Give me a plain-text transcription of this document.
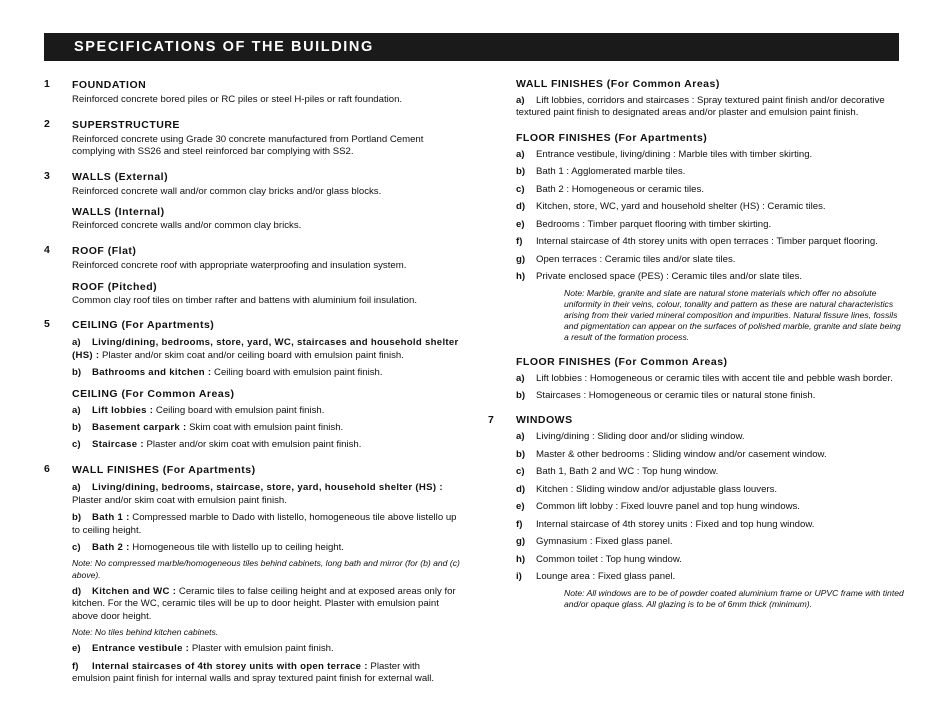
SPECIFICATIONS OF THE BUILDING
1	FOUNDATION
Reinforced concrete bored piles or RC piles or steel H-piles or raft foundation.
2	SUPERSTRUCTURE
Reinforced concrete using Grade 30 concrete manufactured from Portland Cement complying with SS26 and steel reinforced bar complying with SS2.
3	WALLS (External)
Reinforced concrete wall and/or common clay bricks and/or glass blocks.
WALLS (Internal)
Reinforced concrete walls and/or common clay bricks.
4	ROOF (Flat)
Reinforced concrete roof with appropriate waterproofing and insulation system.
ROOF (Pitched)
Common clay roof tiles on timber rafter and battens with aluminium foil insulation.
5	CEILING (For Apartments)
a)	Living/dining, bedrooms, store, yard, WC, staircases and household shelter (HS) : Plaster and/or skim coat and/or ceiling board with emulsion paint finish.
b)	Bathrooms and kitchen : Ceiling board with emulsion paint finish.
CEILING (For Common Areas)
a)	Lift lobbies : Ceiling board with emulsion paint finish.
b)	Basement carpark : Skim coat with emulsion paint finish.
c)	Staircase : Plaster and/or skim coat with emulsion paint finish.
6	WALL FINISHES (For Apartments)
a)	Living/dining, bedrooms, staircase, store, yard, household shelter (HS) : Plaster and/or skim coat with emulsion paint finish.
b)	Bath 1 : Compressed marble to Dado with listello, homogeneous tile above listello up to ceiling height.
c)	Bath 2 : Homogeneous tile with listello up to ceiling height.
Note: No compressed marble/homogeneous tiles behind cabinets, long bath and mirror (for (b) and (c) above).
d)	Kitchen and WC : Ceramic tiles to false ceiling height and at exposed areas only for kitchen. For the WC, ceramic tiles will be up to door height. Plaster with emulsion paint above door height.
Note: No tiles behind kitchen cabinets.
e)	Entrance vestibule : Plaster with emulsion paint finish.
f)	Internal staircases of 4th storey units with open terrace : Plaster with emulsion paint finish for internal walls and spray textured paint finish for external wall.
WALL FINISHES (For Common Areas)
a)	Lift lobbies, corridors and staircases : Spray textured paint finish and/or decorative textured paint finish to designated areas and/or plaster and emulsion paint finish.
FLOOR FINISHES (For Apartments)
a)	Entrance vestibule, living/dining : Marble tiles with timber skirting.
b)	Bath 1 : Agglomerated marble tiles.
c)	Bath 2 : Homogeneous or ceramic tiles.
d)	Kitchen, store, WC, yard and household shelter (HS) : Ceramic tiles.
e)	Bedrooms : Timber parquet flooring with timber skirting.
f)	Internal staircase of 4th storey units with open terraces : Timber parquet flooring.
g)	Open terraces : Ceramic tiles and/or slate tiles.
h)	Private enclosed space (PES) : Ceramic tiles and/or slate tiles.
Note: Marble, granite and slate are natural stone materials which offer no absolute uniformity in their veins, colour, tonality and pattern as these are natural characteristics arising from their varied mineral composition and impurities. Natural fissure lines, fossils and pigmentation can appear on the surfaces of polished marble, granite and slate being a result of the formation process.
FLOOR FINISHES (For Common Areas)
a)	Lift lobbies : Homogeneous or ceramic tiles with accent tile and pebble wash border.
b)	Staircases : Homogeneous or ceramic tiles or natural stone finish.
7	WINDOWS
a)	Living/dining : Sliding door and/or sliding window.
b)	Master & other bedrooms : Sliding window and/or casement window.
c)	Bath 1, Bath 2 and WC : Top hung window.
d)	Kitchen : Sliding window and/or adjustable glass louvers.
e)	Common lift lobby : Fixed louvre panel and top hung windows.
f)	Internal staircase of 4th storey units : Fixed and top hung window.
g)	Gymnasium : Fixed glass panel.
h)	Common toilet : Top hung window.
i)	Lounge area : Fixed glass panel.
Note: All windows are to be of powder coated aluminium frame or UPVC frame with tinted and/or opaque glass. All glazing is to be of 6mm thick (minimum).
